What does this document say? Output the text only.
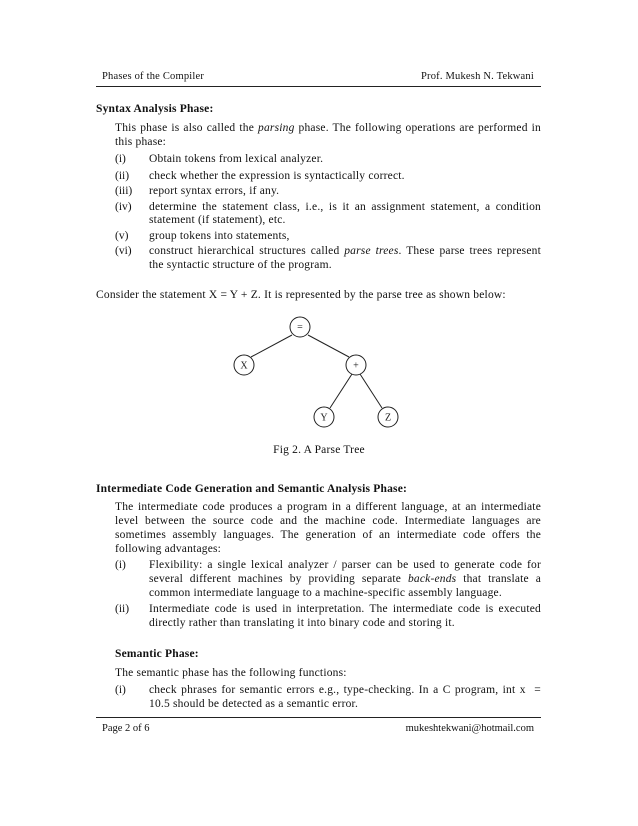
Phases of the Compiler	Prof. Mukesh N. Tekwani
Syntax Analysis Phase:
This phase is also called the parsing phase. The following operations are performed in
this phase:
(i) Obtain tokens from lexical analyzer.
(ii) check whether the expression is syntactically correct.
(iii) report syntax errors, if any.
(iv) determine the statement class, i.e., is it an assignment statement, a condition
statement (if statement), etc.
(v) group tokens into statements,
(vi) construct hierarchical structures called parse trees. These parse trees represent
the syntactic structure of the program.
Consider the statement X = Y + Z. It is represented by the parse tree as shown below:
=
X	+
Y	Z
Fig 2. A Parse Tree
Intermediate Code Generation and Semantic Analysis Phase:
The intermediate code produces a program in a different language, at an intermediate
level between the source code and the machine code. Intermediate languages are
sometimes assembly languages. The generation of an intermediate code offers the
following advantages:
(i) Flexibility: a single lexical analyzer / parser can be used to generate code for
several different machines by providing separate back-ends that translate a
common intermediate language to a machine-specific assembly language.
(ii) Intermediate code is used in interpretation. The intermediate code is executed
directly rather than translating it into binary code and storing it.
Semantic Phase:
The semantic phase has the following functions:
(i) check phrases for semantic errors e.g., type-checking. In a C program, int x  =
10.5 should be detected as a semantic error.
Page 2 of 6	mukeshtekwani@hotmail.com
